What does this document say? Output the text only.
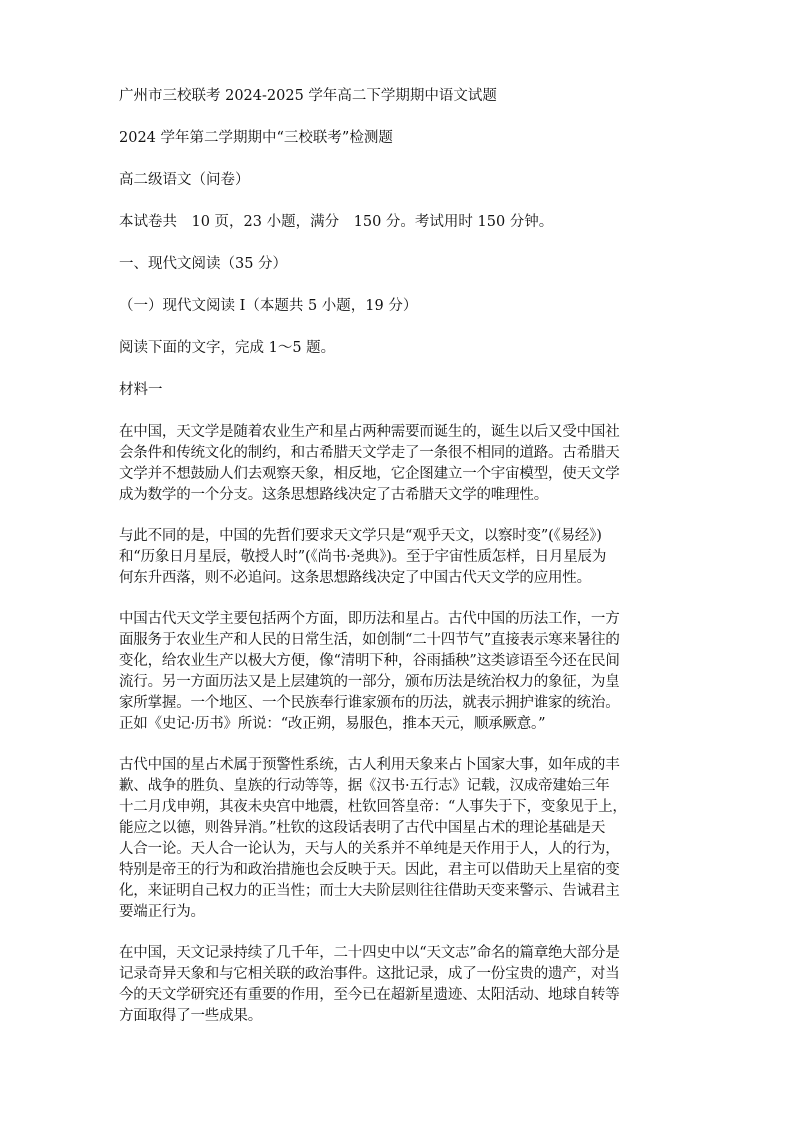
广州市三校联考 2024-2025 学年高二下学期期中语文试题

2024 学年第二学期期中“三校联考”检测题

高二级语文（问卷）

本试卷共　10 页，23 小题，满分　150 分。考试用时 150 分钟。

一、现代文阅读（35 分）

（一）现代文阅读 I（本题共 5 小题，19 分）

阅读下面的文字，完成 1～5 题。

材料一

在中国，天文学是随着农业生产和星占两种需要而诞生的，诞生以后又受中国社
会条件和传统文化的制约，和古希腊天文学走了一条很不相同的道路。古希腊天
文学并不想鼓励人们去观察天象，相反地，它企图建立一个宇宙模型，使天文学
成为数学的一个分支。这条思想路线决定了古希腊天文学的唯理性。
与此不同的是，中国的先哲们要求天文学只是“观乎天文，以察时变”(《易经》)
和“历象日月星辰，敬授人时”(《尚书·尧典》)。至于宇宙性质怎样，日月星辰为
何东升西落，则不必追问。这条思想路线决定了中国古代天文学的应用性。
中国古代天文学主要包括两个方面，即历法和星占。古代中国的历法工作，一方
面服务于农业生产和人民的日常生活，如创制“二十四节气”直接表示寒来暑往的
变化，给农业生产以极大方便，像“清明下种，谷雨插秧”这类谚语至今还在民间
流行。另一方面历法又是上层建筑的一部分，颁布历法是统治权力的象征，为皇
家所掌握。一个地区、一个民族奉行谁家颁布的历法，就表示拥护谁家的统治。
正如《史记·历书》所说：“改正朔，易服色，推本天元，顺承厥意。”
古代中国的星占术属于预警性系统，古人利用天象来占卜国家大事，如年成的丰
歉、战争的胜负、皇族的行动等等，据《汉书·五行志》记载，汉成帝建始三年
十二月戊申朔，其夜未央宫中地震，杜钦回答皇帝：“人事失于下，变象见于上，
能应之以德，则咎异消。”杜钦的这段话表明了古代中国星占术的理论基础是天
人合一论。天人合一论认为，天与人的关系并不单纯是天作用于人，人的行为，
特别是帝王的行为和政治措施也会反映于天。因此，君主可以借助天上星宿的变
化，来证明自己权力的正当性；而士大夫阶层则往往借助天变来警示、告诫君主
要端正行为。
在中国，天文记录持续了几千年，二十四史中以“天文志”命名的篇章绝大部分是
记录奇异天象和与它相关联的政治事件。这批记录，成了一份宝贵的遗产，对当
今的天文学研究还有重要的作用，至今已在超新星遗迹、太阳活动、地球自转等
方面取得了一些成果。
